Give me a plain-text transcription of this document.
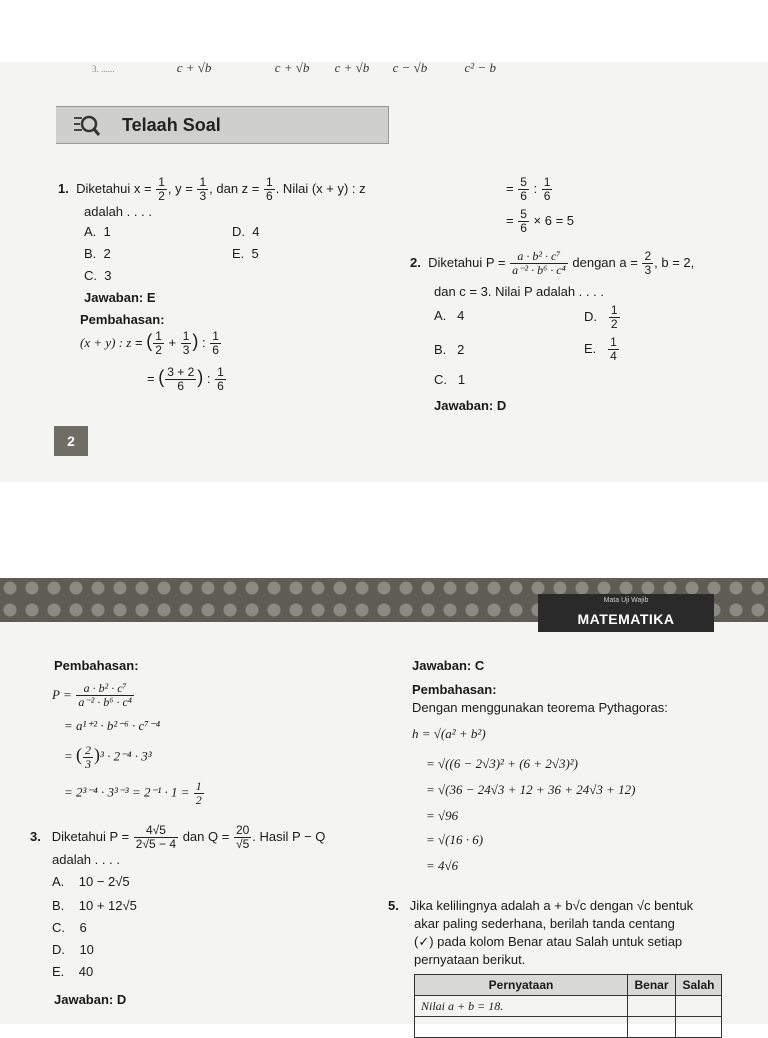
3. ......	c + √b	c + √b c + √b c − √b	c² − b
Telaah Soal
1. Diketahui $x = \frac{1}{2}$ , $y = \frac{1}{3}$ , dan $z = \frac{1}{6}$ . Nilai (x + y) : z
adalah . . . .
A. 1	D. 4
B. 2	E. 5
C. 3
Jawaban: E
Pembahasan:
(x + y) : z = ( $\frac{1}{2} + \frac{1}{3}$ ) : $\frac{1}{6}$
= ( $\frac{3 + 2}{6}$ ) : $\frac{1}{6}$
= $\frac{5}{6}$ : $\frac{1}{6}$
= $\frac{5}{6} \times 6 = 5$
2. Diketahui $P = \frac{\text{a · b² · c⁷}}{\text{a⁻² · b⁶ · c⁴}}$ dengan $a = \frac{2}{3}$ , b = 2,
dan c = 3. Nilai P adalah . . . .
A. 4	D. $\frac{1}{2}$
B. 2	E. $\frac{1}{4}$
C. 1
Jawaban: D
2
Mata Uji Wajib
MATEMATIKA
Pembahasan:
$P = \frac{\text{a · b² · c⁷}}{\text{a⁻² · b⁶ · c⁴}}$
= a¹⁺² · b²⁻⁶ · c⁷⁻⁴
= ( $\frac{2}{3} )^3 \cdot 2^{-4} \cdot 3^3$
= $2^{3-4} \cdot 3^{3-3} = 2^{-1} \cdot 1 = \frac{1}{2}$
3. Diketahui $P = \frac{4√5}{2√5 - 4}$ dan $Q = \frac{20}{√5}$ . Hasil P − Q
adalah . . . .
A. 10 − 2√5
B. 10 + 12√5
C. 6
D. 10
E. 40
Jawaban: D
Jawaban: C
Pembahasan:
Dengan menggunakan teorema Pythagoras:
h = √(a² + b²)
= √((6 − 2√3)² + (6 + 2√3)²)
= √(36 − 24√3 + 12 + 36 + 24√3 + 12)
= √96
= √(16 · 6)
= 4√6
5. Jika kelilingnya adalah a + b√c dengan √c bentuk
akar paling sederhana, berilah tanda centang
(✓) pada kolom Benar atau Salah untuk setiap
pernyataan berikut.
Pernyataan	Benar	Salah
Nilai a + b = 18.		
